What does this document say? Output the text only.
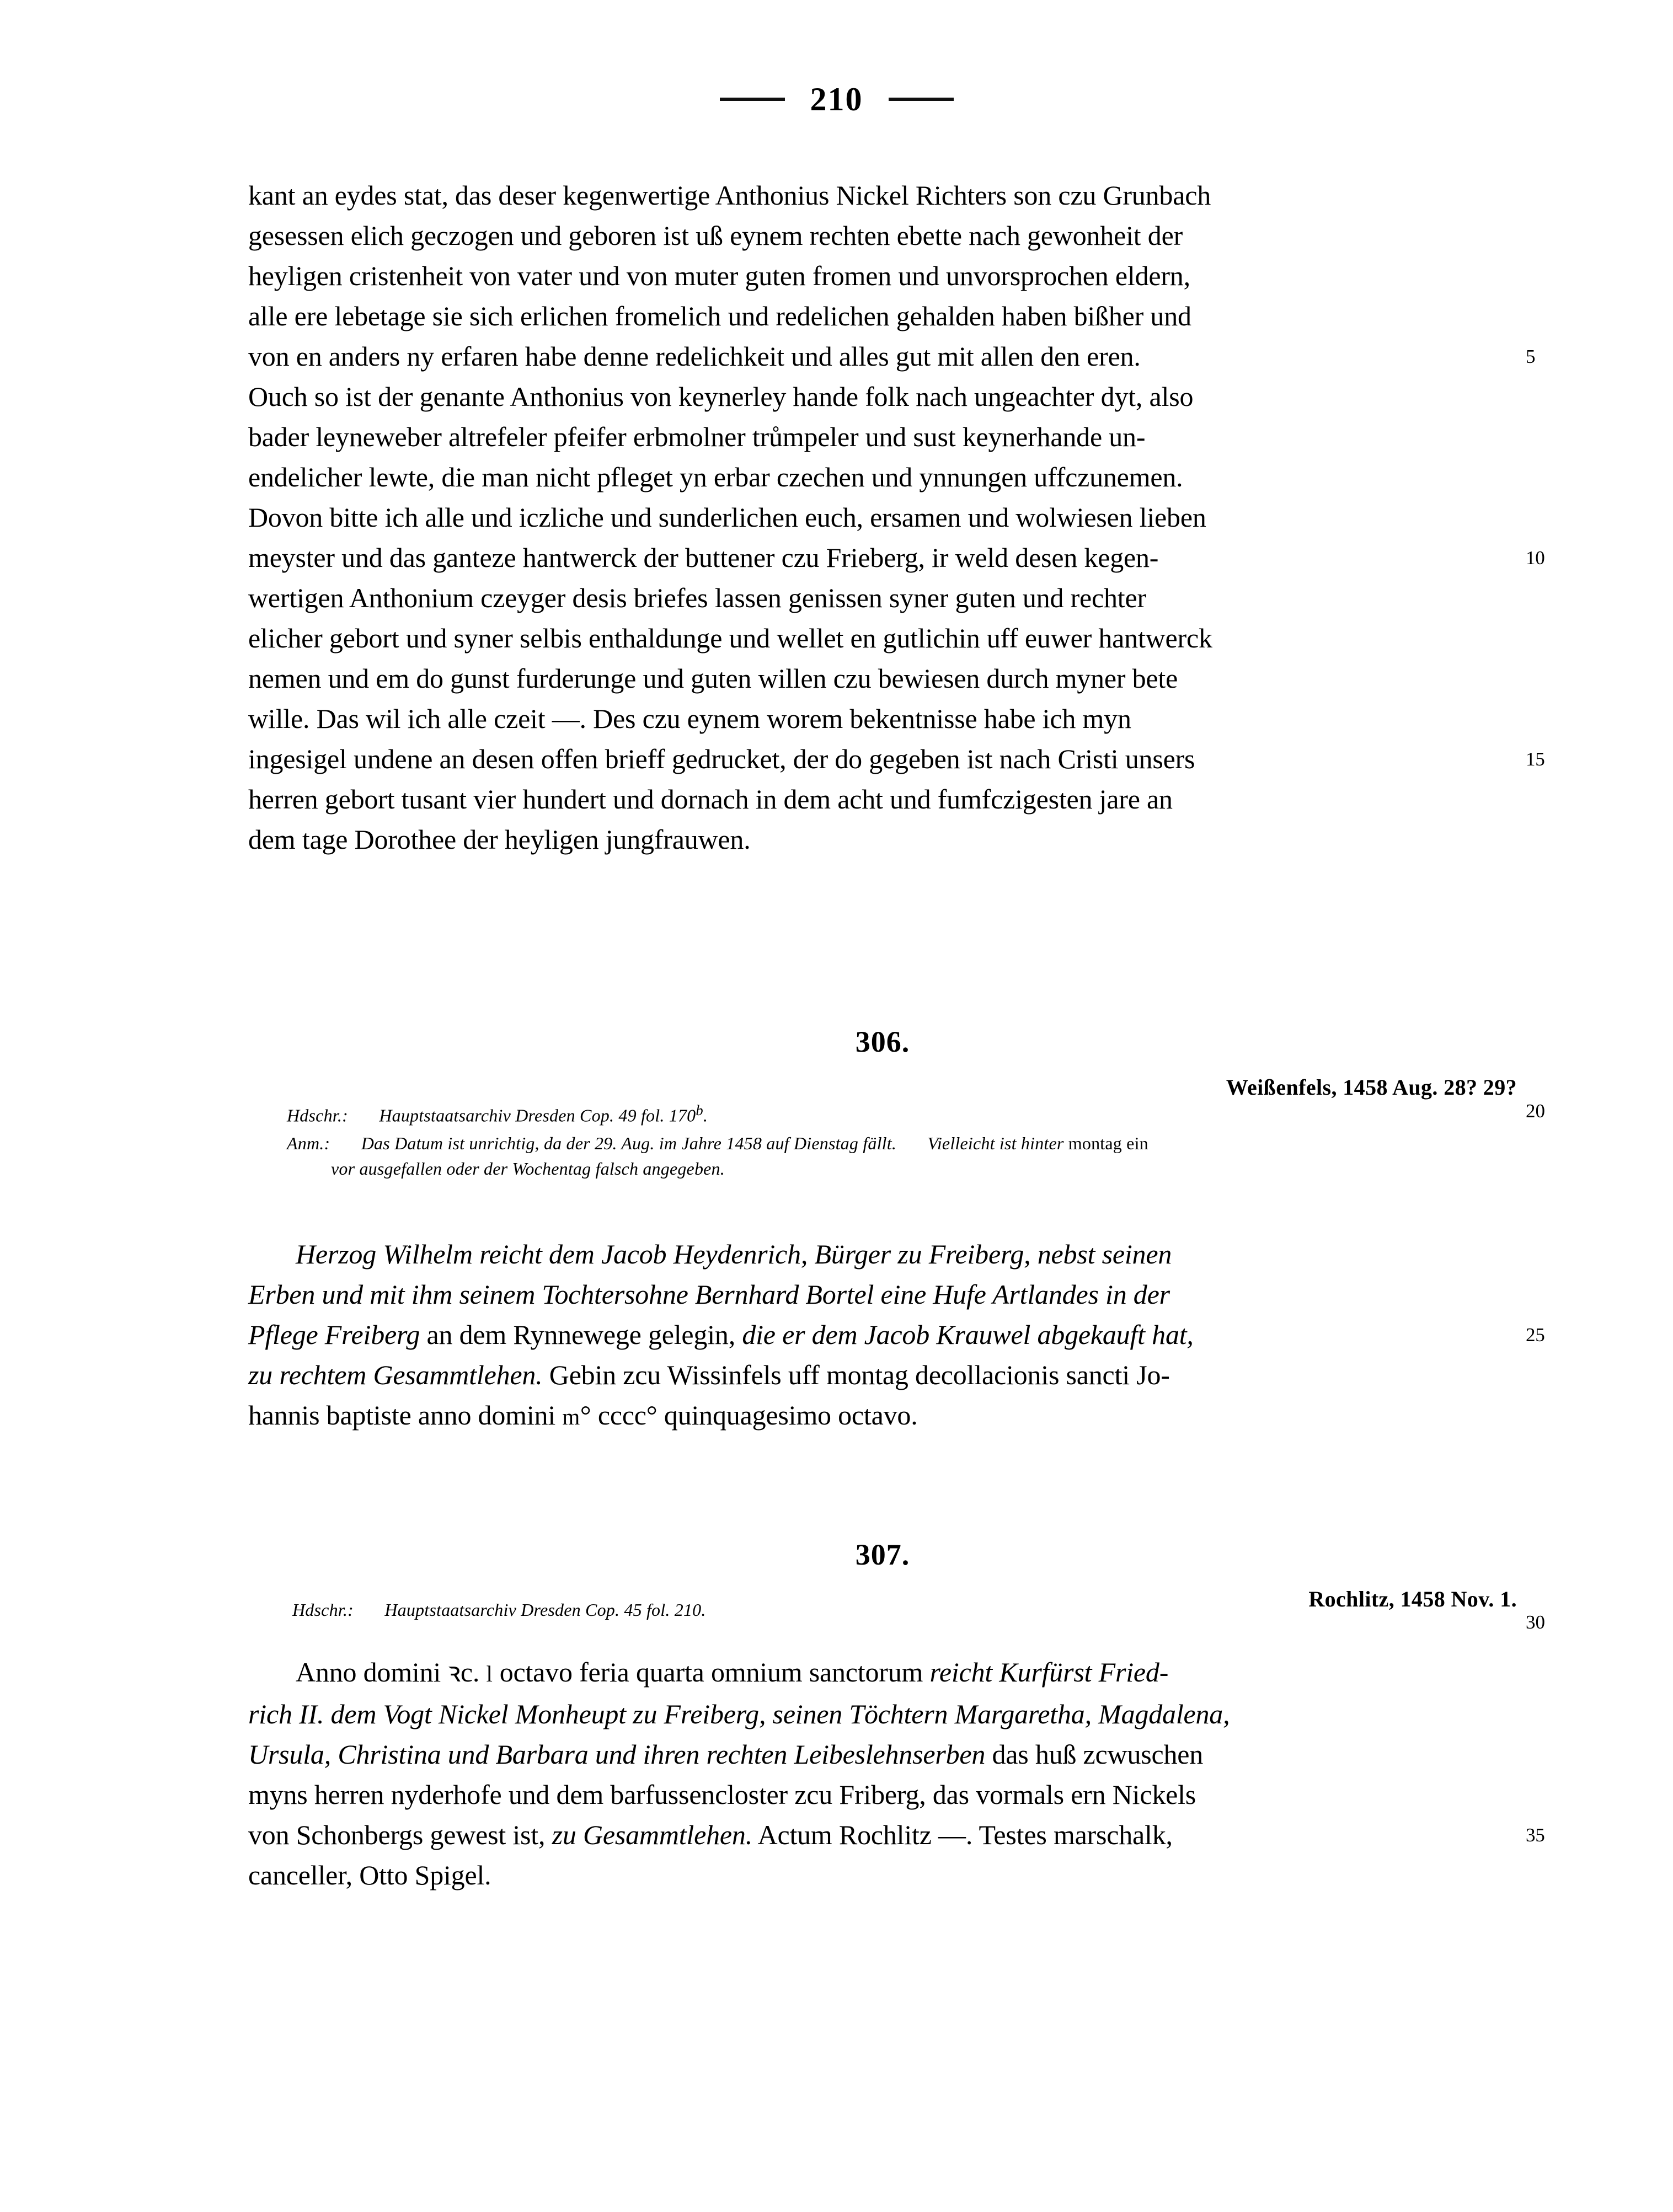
210
kant an eydes stat, das deser kegenwertige Anthonius Nickel Richters son czu Grunbach
gesessen elich geczogen und geboren ist uß eynem rechten ebette nach gewonheit der
heyligen cristenheit von vater und von muter guten fromen und unvorsprochen eldern,
alle ere lebetage sie sich erlichen fromelich und redelichen gehalden haben bißher und
von en anders ny erfaren habe denne redelichkeit und alles gut mit allen den eren.	5
Ouch so ist der genante Anthonius von keynerley hande folk nach ungeachter dyt, also
bader leyneweber altrefeler pfeifer erbmolner trůmpeler und sust keynerhande un-
endelicher lewte, die man nicht pfleget yn erbar czechen und ynnungen uffczunemen.
Dovon bitte ich alle und iczliche und sunderlichen euch, ersamen und wolwiesen lieben
meyster und das ganteze hantwerck der buttener czu Frieberg, ir weld desen kegen-	10
wertigen Anthonium czeyger desis briefes lassen genissen syner guten und rechter
elicher gebort und syner selbis enthaldunge und wellet en gutlichin uff euwer hantwerck
nemen und em do gunst furderunge und guten willen czu bewiesen durch myner bete
wille. Das wil ich alle czeit —. Des czu eynem worem bekentnisse habe ich myn
ingesigel undene an desen offen brieff gedrucket, der do gegeben ist nach Cristi unsers	15
herren gebort tusant vier hundert und dornach in dem acht und fumfczigesten jare an
dem tage Dorothee der heyligen jungfrauwen.
306.
Weißenfels, 1458 Aug. 28? 29?
20
Hdschr.: Hauptstaatsarchiv Dresden Cop. 49 fol. 170$^b$.
Anm.: Das Datum ist unrichtig, da der 29. Aug. im Jahre 1458 auf Dienstag fällt. Vielleicht ist hinter montag ein
vor ausgefallen oder der Wochentag falsch angegeben.
Herzog Wilhelm reicht dem Jacob Heydenrich, Bürger zu Freiberg, nebst seinen
Erben und mit ihm seinem Tochtersohne Bernhard Bortel eine Hufe Artlandes in der
Pflege Freiberg an dem Rynnewege gelegin, die er dem Jacob Krauwel abgekauft hat,	25
zu rechtem Gesammtlehen. Gebin zcu Wissinfels uff montag decollacionis sancti Jo-
hannis baptiste anno domini m° cccc° quinquagesimo octavo.
307.
Rochlitz, 1458 Nov. 1.
30
Hdschr.: Hauptstaatsarchiv Dresden Cop. 45 fol. 210.
Anno domini ꝛc. l octavo feria quarta omnium sanctorum reicht Kurfürst Fried-
rich II. dem Vogt Nickel Monheupt zu Freiberg, seinen Töchtern Margaretha, Magdalena,
Ursula, Christina und Barbara und ihren rechten Leibeslehnserben das huß zcwuschen
myns herren nyderhofe und dem barfussencloster zcu Friberg, das vormals ern Nickels
von Schonbergs gewest ist, zu Gesammtlehen. Actum Rochlitz —. Testes marschalk,	35
canceller, Otto Spigel.
